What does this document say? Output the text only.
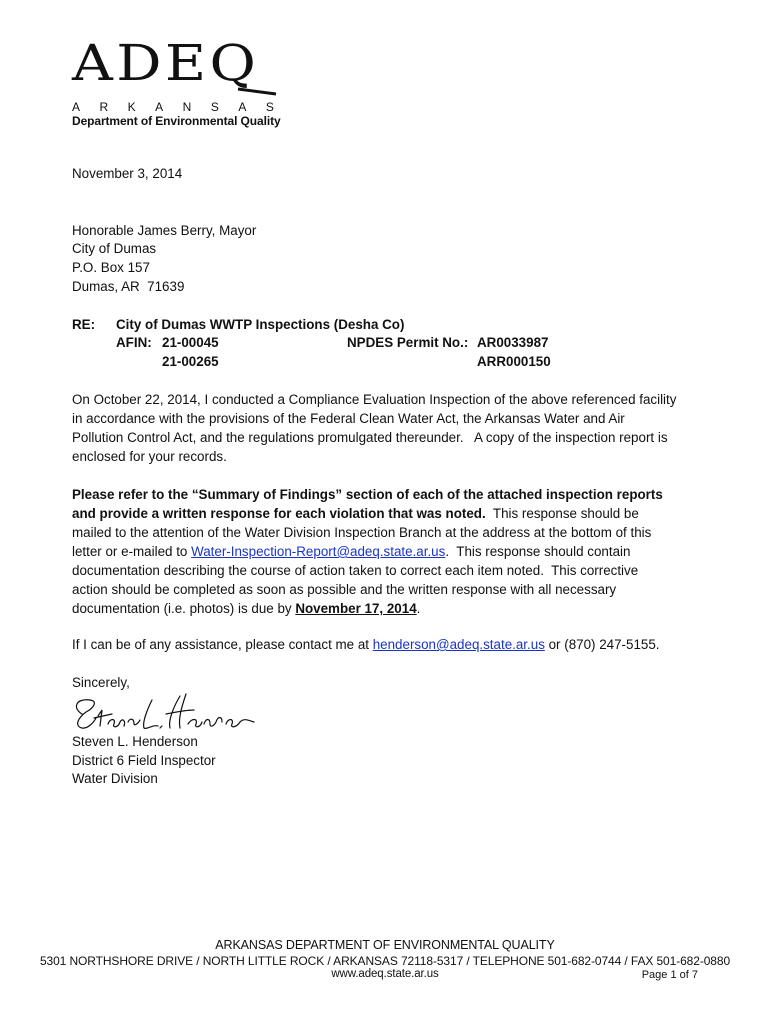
ADEQ
ARKANSAS
Department of Environmental Quality
November 3, 2014
Honorable James Berry, Mayor
City of Dumas
P.O. Box 157
Dumas, AR  71639
RE: City of Dumas WWTP Inspections (Desha Co)
AFIN: 21-00045
21-00265
NPDES Permit No.: AR0033987
ARR000150
On October 22, 2014, I conducted a Compliance Evaluation Inspection of the above referenced facility
in accordance with the provisions of the Federal Clean Water Act, the Arkansas Water and Air
Pollution Control Act, and the regulations promulgated thereunder.   A copy of the inspection report is
enclosed for your records.
Please refer to the “Summary of Findings” section of each of the attached inspection reports
and provide a written response for each violation that was noted.  This response should be
mailed to the attention of the Water Division Inspection Branch at the address at the bottom of this
letter or e-mailed to Water-Inspection-Report@adeq.state.ar.us.  This response should contain
documentation describing the course of action taken to correct each item noted.  This corrective
action should be completed as soon as possible and the written response with all necessary
documentation (i.e. photos) is due by November 17, 2014.
If I can be of any assistance, please contact me at henderson@adeq.state.ar.us or (870) 247-5155.
Sincerely,
Steven L. Henderson
District 6 Field Inspector
Water Division
ARKANSAS DEPARTMENT OF ENVIRONMENTAL QUALITY
5301 NORTHSHORE DRIVE / NORTH LITTLE ROCK / ARKANSAS 72118-5317 / TELEPHONE 501-682-0744 / FAX 501-682-0880
www.adeq.state.ar.us	Page 1 of 7
